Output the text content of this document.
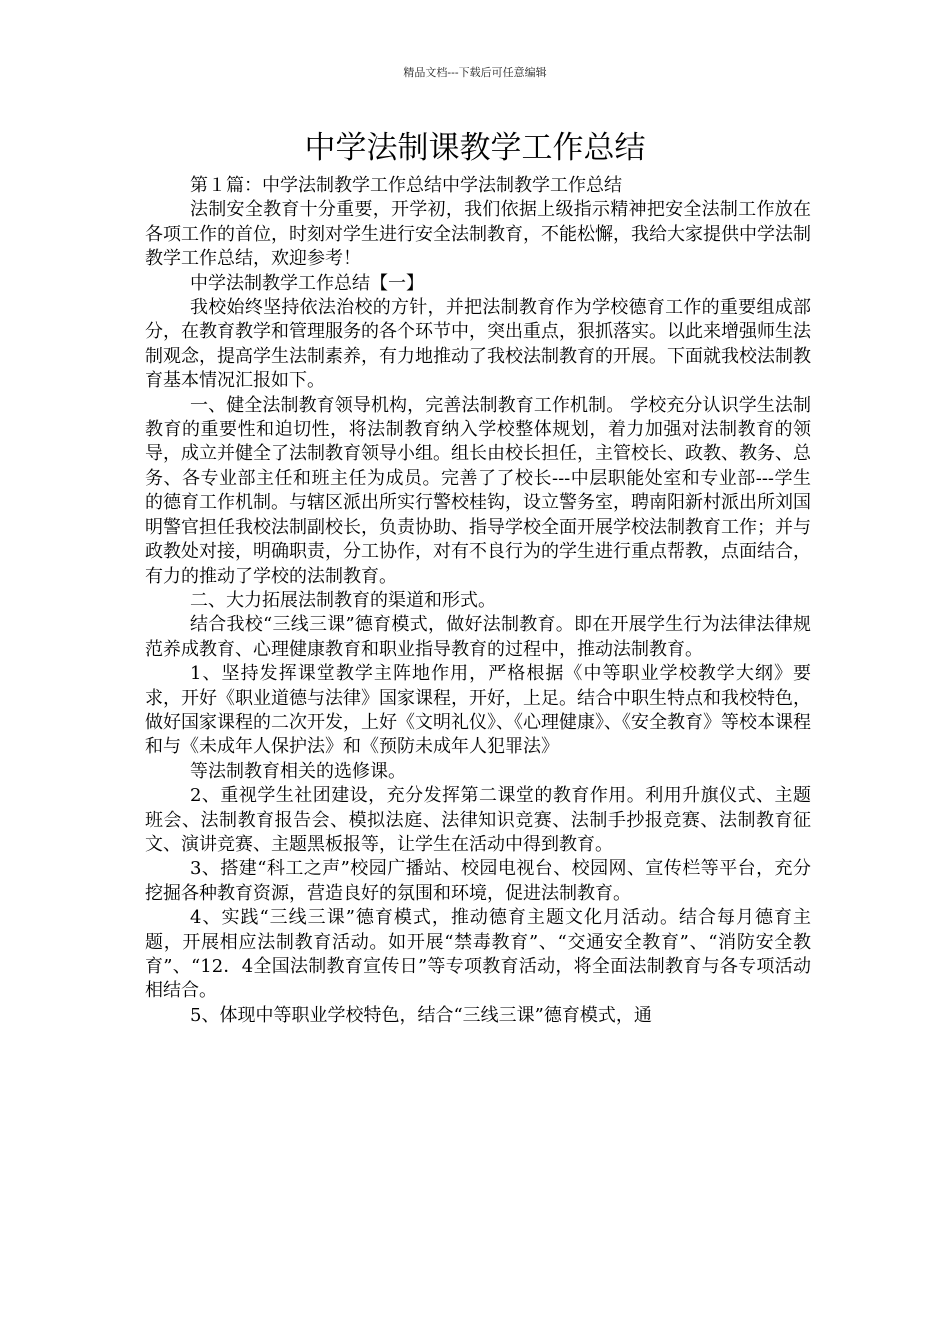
精品文档---下载后可任意编辑
中学法制课教学工作总结

第１篇：中学法制教学工作总结中学法制教学工作总结

法制安全教育十分重要，开学初，我们依据上级指示精神把安全法制工作放在各项工作的首位，时刻对学生进行安全法制教育，不能松懈，我给大家提供中学法制教学工作总结，欢迎参考！

中学法制教学工作总结【一】

我校始终坚持依法治校的方针，并把法制教育作为学校德育工作的重要组成部分，在教育教学和管理服务的各个环节中，突出重点，狠抓落实。以此来增强师生法制观念，提高学生法制素养，有力地推动了我校法制教育的开展。下面就我校法制教育基本情况汇报如下。

一、健全法制教育领导机构，完善法制教育工作机制。 学校充分认识学生法制教育的重要性和迫切性，将法制教育纳入学校整体规划，着力加强对法制教育的领导，成立并健全了法制教育领导小组。组长由校长担任，主管校长、政教、教务、总务、各专业部主任和班主任为成员。完善了了校长---中层职能处室和专业部---学生的德育工作机制。与辖区派出所实行警校桂钩，设立警务室，聘南阳新村派出所刘国明警官担任我校法制副校长，负责协助、指导学校全面开展学校法制教育工作；并与政教处对接，明确职责，分工协作，对有不良行为的学生进行重点帮教，点面结合，有力的推动了学校的法制教育。

二、大力拓展法制教育的渠道和形式。

结合我校“三线三课”德育模式，做好法制教育。即在开展学生行为法律法律规范养成教育、心理健康教育和职业指导教育的过程中，推动法制教育。

1、坚持发挥课堂教学主阵地作用，严格根据《中等职业学校教学大纲》要求，开好《职业道德与法律》国家课程，开好，上足。结合中职生特点和我校特色，做好国家课程的二次开发，上好《文明礼仪》、《心理健康》、《安全教育》等校本课程和与《未成年人保护法》和《预防未成年人犯罪法》

等法制教育相关的选修课。

2、重视学生社团建设，充分发挥第二课堂的教育作用。利用升旗仪式、主题班会、法制教育报告会、模拟法庭、法律知识竞赛、法制手抄报竞赛、法制教育征文、演讲竞赛、主题黑板报等，让学生在活动中得到教育。

3、搭建“科工之声”校园广播站、校园电视台、校园网、宣传栏等平台，充分挖掘各种教育资源，营造良好的氛围和环境，促进法制教育。

4、实践“三线三课”德育模式，推动德育主题文化月活动。结合每月德育主题，开展相应法制教育活动。如开展“禁毒教育”、“交通安全教育”、“消防安全教育”、“12．4全国法制教育宣传日”等专项教育活动，将全面法制教育与各专项活动相结合。

5、体现中等职业学校特色，结合“三线三课”德育模式，通
